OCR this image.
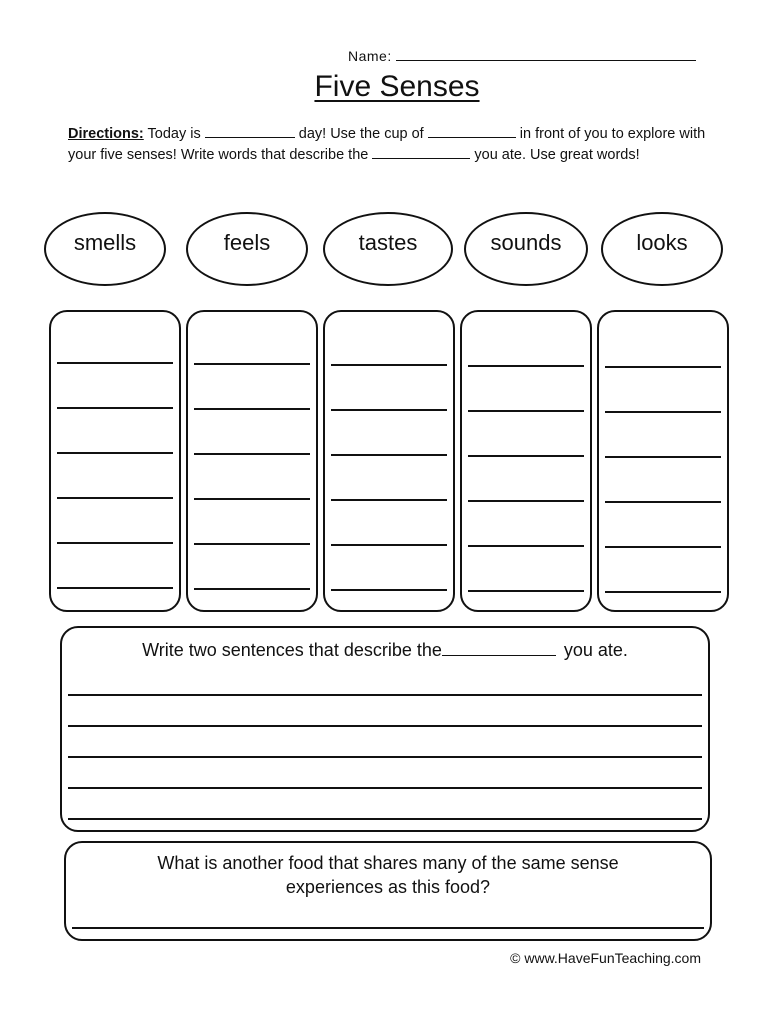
Name:
Five Senses
Directions: Today is	day! Use the cup of	in front of you to explore with your five senses! Write words that describe the	you ate. Use great words!
smells	feels	tastes	sounds	looks
Write two sentences that describe the	you ate.
What is another food that shares many of the same sense
experiences as this food?
© www.HaveFunTeaching.com
